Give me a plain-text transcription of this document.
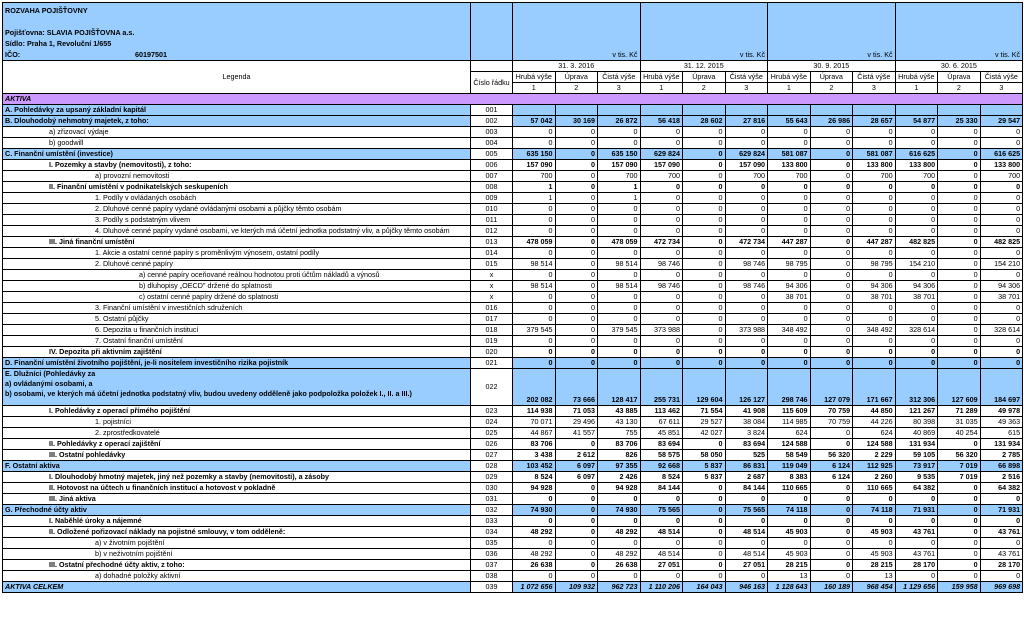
ROZVAHA POJIŠŤOVNY
Pojišťovna: SLAVIA POJIŠŤOVNA a.s.
Sídlo: Praha 1, Revoluční 1/655
IČO: 60197501		v tis. Kč			v tis. Kč			v tis. Kč			v tis. Kč		
Legenda		31. 3. 2016			31. 12. 2015			30. 9. 2015			30. 6. 2015		
	Číslo řádku	Hrubá výše	Úprava	Čistá výše	Hrubá výše	Úprava	Čistá výše	Hrubá výše	Úprava	Čistá výše	Hrubá výše	Úprava	Čistá výše
		1	2	3	1	2	3	1	2	3	1	2	3
AKTIVA													
A. Pohledávky za upsaný základní kapitál	001												
B. Dlouhodobý nehmotný majetek, z toho:	002	57 042	30 169	26 872	56 418	28 602	27 816	55 643	26 986	28 657	54 877	25 330	29 547
a) zřizovací výdaje	003	0	0	0	0	0	0	0	0	0	0	0	0
b) goodwill	004	0	0	0	0	0	0	0	0	0	0	0	0
C. Finanční umístění (investice)	005	635 150	0	635 150	629 824	0	629 824	581 087	0	581 087	616 625	0	616 625
I. Pozemky a stavby (nemovitosti), z toho:	006	157 090	0	157 090	157 090	0	157 090	133 800	0	133 800	133 800	0	133 800
a) provozní nemovitosti	007	700	0	700	700	0	700	700	0	700	700	0	700
II. Finanční umístění v podnikatelských seskupeních	008	1	0	1	0	0	0	0	0	0	0	0	0
1. Podíly v ovládaných osobách	009	1	0	1	0	0	0	0	0	0	0	0	0
2. Dluhové cenné papíry vydané ovládanými osobami a půjčky těmto osobám	010	0	0	0	0	0	0	0	0	0	0	0	0
3. Podíly s podstatným vlivem	011	0	0	0	0	0	0	0	0	0	0	0	0
4. Dluhové cenné papíry vydané osobami, ve kterých má účetní jednotka podstatný vliv, a půjčky těmto osobám	012	0	0	0	0	0	0	0	0	0	0	0	0
III. Jiná finanční umístění	013	478 059	0	478 059	472 734	0	472 734	447 287	0	447 287	482 825	0	482 825
1. Akcie a ostatní cenné papíry s proměnlivým výnosem, ostatní podíly	014	0	0	0	0	0	0	0	0	0	0	0	0
2. Dluhové cenné papíry	015	98 514	0	98 514	98 746	0	98 746	98 795	0	98 795	154 210	0	154 210
a) cenné papíry oceňované reálnou hodnotou proti účtům nákladů a výnosů	x	0	0	0	0	0	0	0	0	0	0	0	0
b) dluhopisy „OECD" držené do splatnosti	x	98 514	0	98 514	98 746	0	98 746	94 306	0	94 306	94 306	0	94 306
c) ostatní cenné papíry držené do splatnosti	x	0	0	0	0	0	0	38 701	0	38 701	38 701	0	38 701
3. Finanční umístění v investičních sdruženích	016	0	0	0	0	0	0	0	0	0	0	0	0
5. Ostatní půjčky	017	0	0	0	0	0	0	0	0	0	0	0	0
6. Depozita u finančních institucí	018	379 545	0	379 545	373 988	0	373 988	348 492	0	348 492	328 614	0	328 614
7. Ostatní finanční umístění	019	0	0	0	0	0	0	0	0	0	0	0	0
IV. Depozita při aktivním zajištění	020	0	0	0	0	0	0	0	0	0	0	0	0
D. Finanční umístění životního pojištění, je-li nositelem investičního rizika pojistník	021	0	0	0	0	0	0	0	0	0	0	0	0

E. Dlužníci (Pohledávky za
a) ovládanými osobami, a
b) osobami, ve kterých má účetní jednotka podstatný vliv, budou uvedeny odděleně jako podpoložka položek I., II. a III.)	022	202 082	73 666	128 417	255 731	129 604	126 127	298 746	127 079	171 667	312 306	127 609	184 697
I. Pohledávky z operací přímého pojištění	023	114 938	71 053	43 885	113 462	71 554	41 908	115 609	70 759	44 850	121 267	71 289	49 978
1. pojistníci	024	70 071	29 496	43 130	67 611	29 527	38 084	114 985	70 759	44 226	80 398	31 035	49 363
2. zprostředkovatelé	025	44 867	41 557	755	45 851	42 027	3 824	624	0	624	40 869	40 254	615
II. Pohledávky z operací zajištění	026	83 706	0	83 706	83 694	0	83 694	124 588	0	124 588	131 934	0	131 934
III. Ostatní pohledávky	027	3 438	2 612	826	58 575	58 050	525	58 549	56 320	2 229	59 105	56 320	2 785
F. Ostatní aktiva	028	103 452	6 097	97 355	92 668	5 837	86 831	119 049	6 124	112 925	73 917	7 019	66 898
I. Dlouhodobý hmotný majetek, jiný než pozemky a stavby (nemovitosti), a zásoby	029	8 524	6 097	2 426	8 524	5 837	2 687	8 383	6 124	2 260	9 535	7 019	2 516
II. Hotovost na účtech u finančních institucí a hotovost v pokladně	030	94 928	0	94 928	84 144	0	84 144	110 665	0	110 665	64 382	0	64 382
III. Jiná aktiva	031	0	0	0	0	0	0	0	0	0	0	0	0
G. Přechodné účty aktiv	032	74 930	0	74 930	75 565	0	75 565	74 118	0	74 118	71 931	0	71 931
I. Naběhlé úroky a nájemné	033	0	0	0	0	0	0	0	0	0	0	0	0
II. Odložené pořizovací náklady na pojistné smlouvy, v tom odděleně:	034	48 292	0	48 292	48 514	0	48 514	45 903	0	45 903	43 761	0	43 761
a) v životním pojištění	035	0	0	0	0	0	0	0	0	0	0	0	0
b) v neživotním pojištění	036	48 292	0	48 292	48 514	0	48 514	45 903	0	45 903	43 761	0	43 761
III. Ostatní přechodné účty aktiv, z toho:	037	26 638	0	26 638	27 051	0	27 051	28 215	0	28 215	28 170	0	28 170
a) dohadné položky aktivní	038	0	0	0	0	0	0	13	0	13	0	0	0
AKTIVA CELKEM	039	1 072 656	109 932	962 723	1 110 206	164 043	946 163	1 128 643	160 189	968 454	1 129 656	159 958	969 698
